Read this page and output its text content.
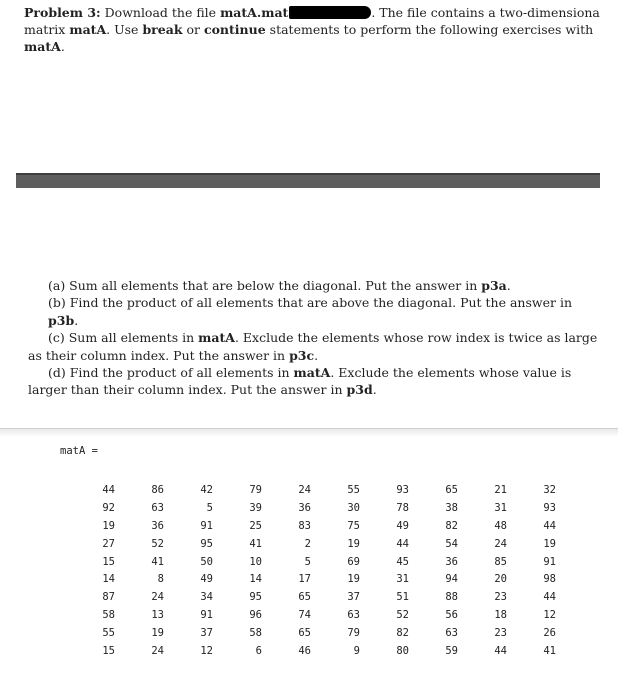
Problem 3: Download the file matA.mat	. The file contains a two-dimensiona
matrix matA. Use break or continue statements to perform the following exercises with
matA.
(a) Sum all elements that are below the diagonal. Put the answer in p3a.
(b) Find the product of all elements that are above the diagonal. Put the answer in p3b.
(c) Sum all elements in matA. Exclude the elements whose row index is twice as large as their column index. Put the answer in p3c.
(d) Find the product of all elements in matA. Exclude the elements whose value is larger than their column index. Put the answer in p3d.
matA =
44	86	42	79	24	55	93	65	21	32
92	63	5	39	36	30	78	38	31	93
19	36	91	25	83	75	49	82	48	44
27	52	95	41	2	19	44	54	24	19
15	41	50	10	5	69	45	36	85	91
14	8	49	14	17	19	31	94	20	98
87	24	34	95	65	37	51	88	23	44
58	13	91	96	74	63	52	56	18	12
55	19	37	58	65	79	82	63	23	26
15	24	12	6	46	9	80	59	44	41
